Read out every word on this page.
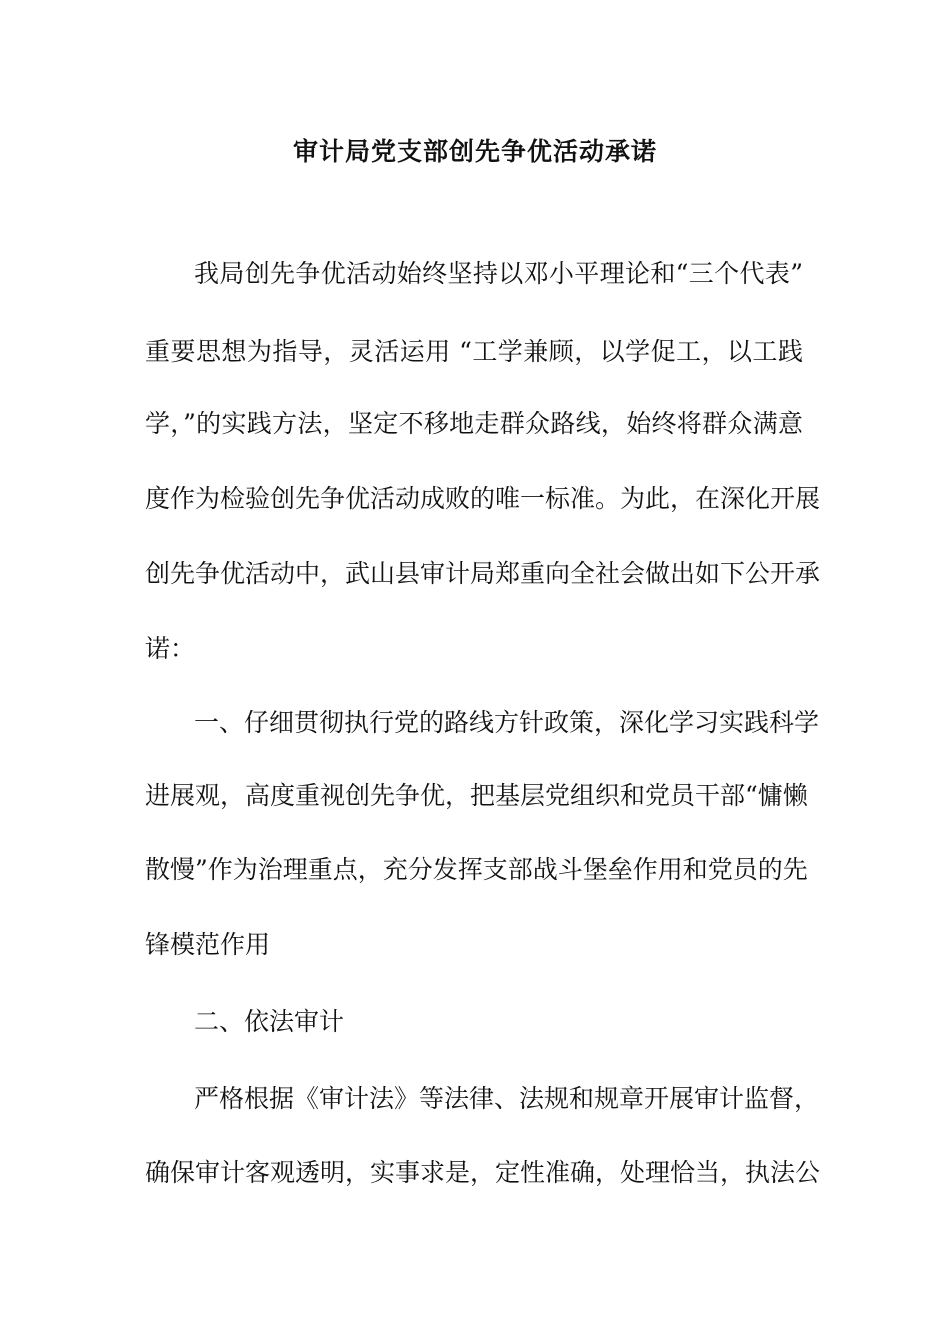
审计局党支部创先争优活动承诺
我局创先争优活动始终坚持以邓小平理论和“三个代表”
重要思想为指导，灵活运用 “工学兼顾，以学促工，以工践
学，”的实践方法，坚定不移地走群众路线，始终将群众满意
度作为检验创先争优活动成败的唯一标准。为此，在深化开展
创先争优活动中，武山县审计局郑重向全社会做出如下公开承
诺：
一、仔细贯彻执行党的路线方针政策，深化学习实践科学
进展观，高度重视创先争优，把基层党组织和党员干部“慵懒
散慢”作为治理重点，充分发挥支部战斗堡垒作用和党员的先
锋模范作用
二、依法审计
严格根据《审计法》等法律、法规和规章开展审计监督，
确保审计客观透明，实事求是，定性准确，处理恰当，执法公
